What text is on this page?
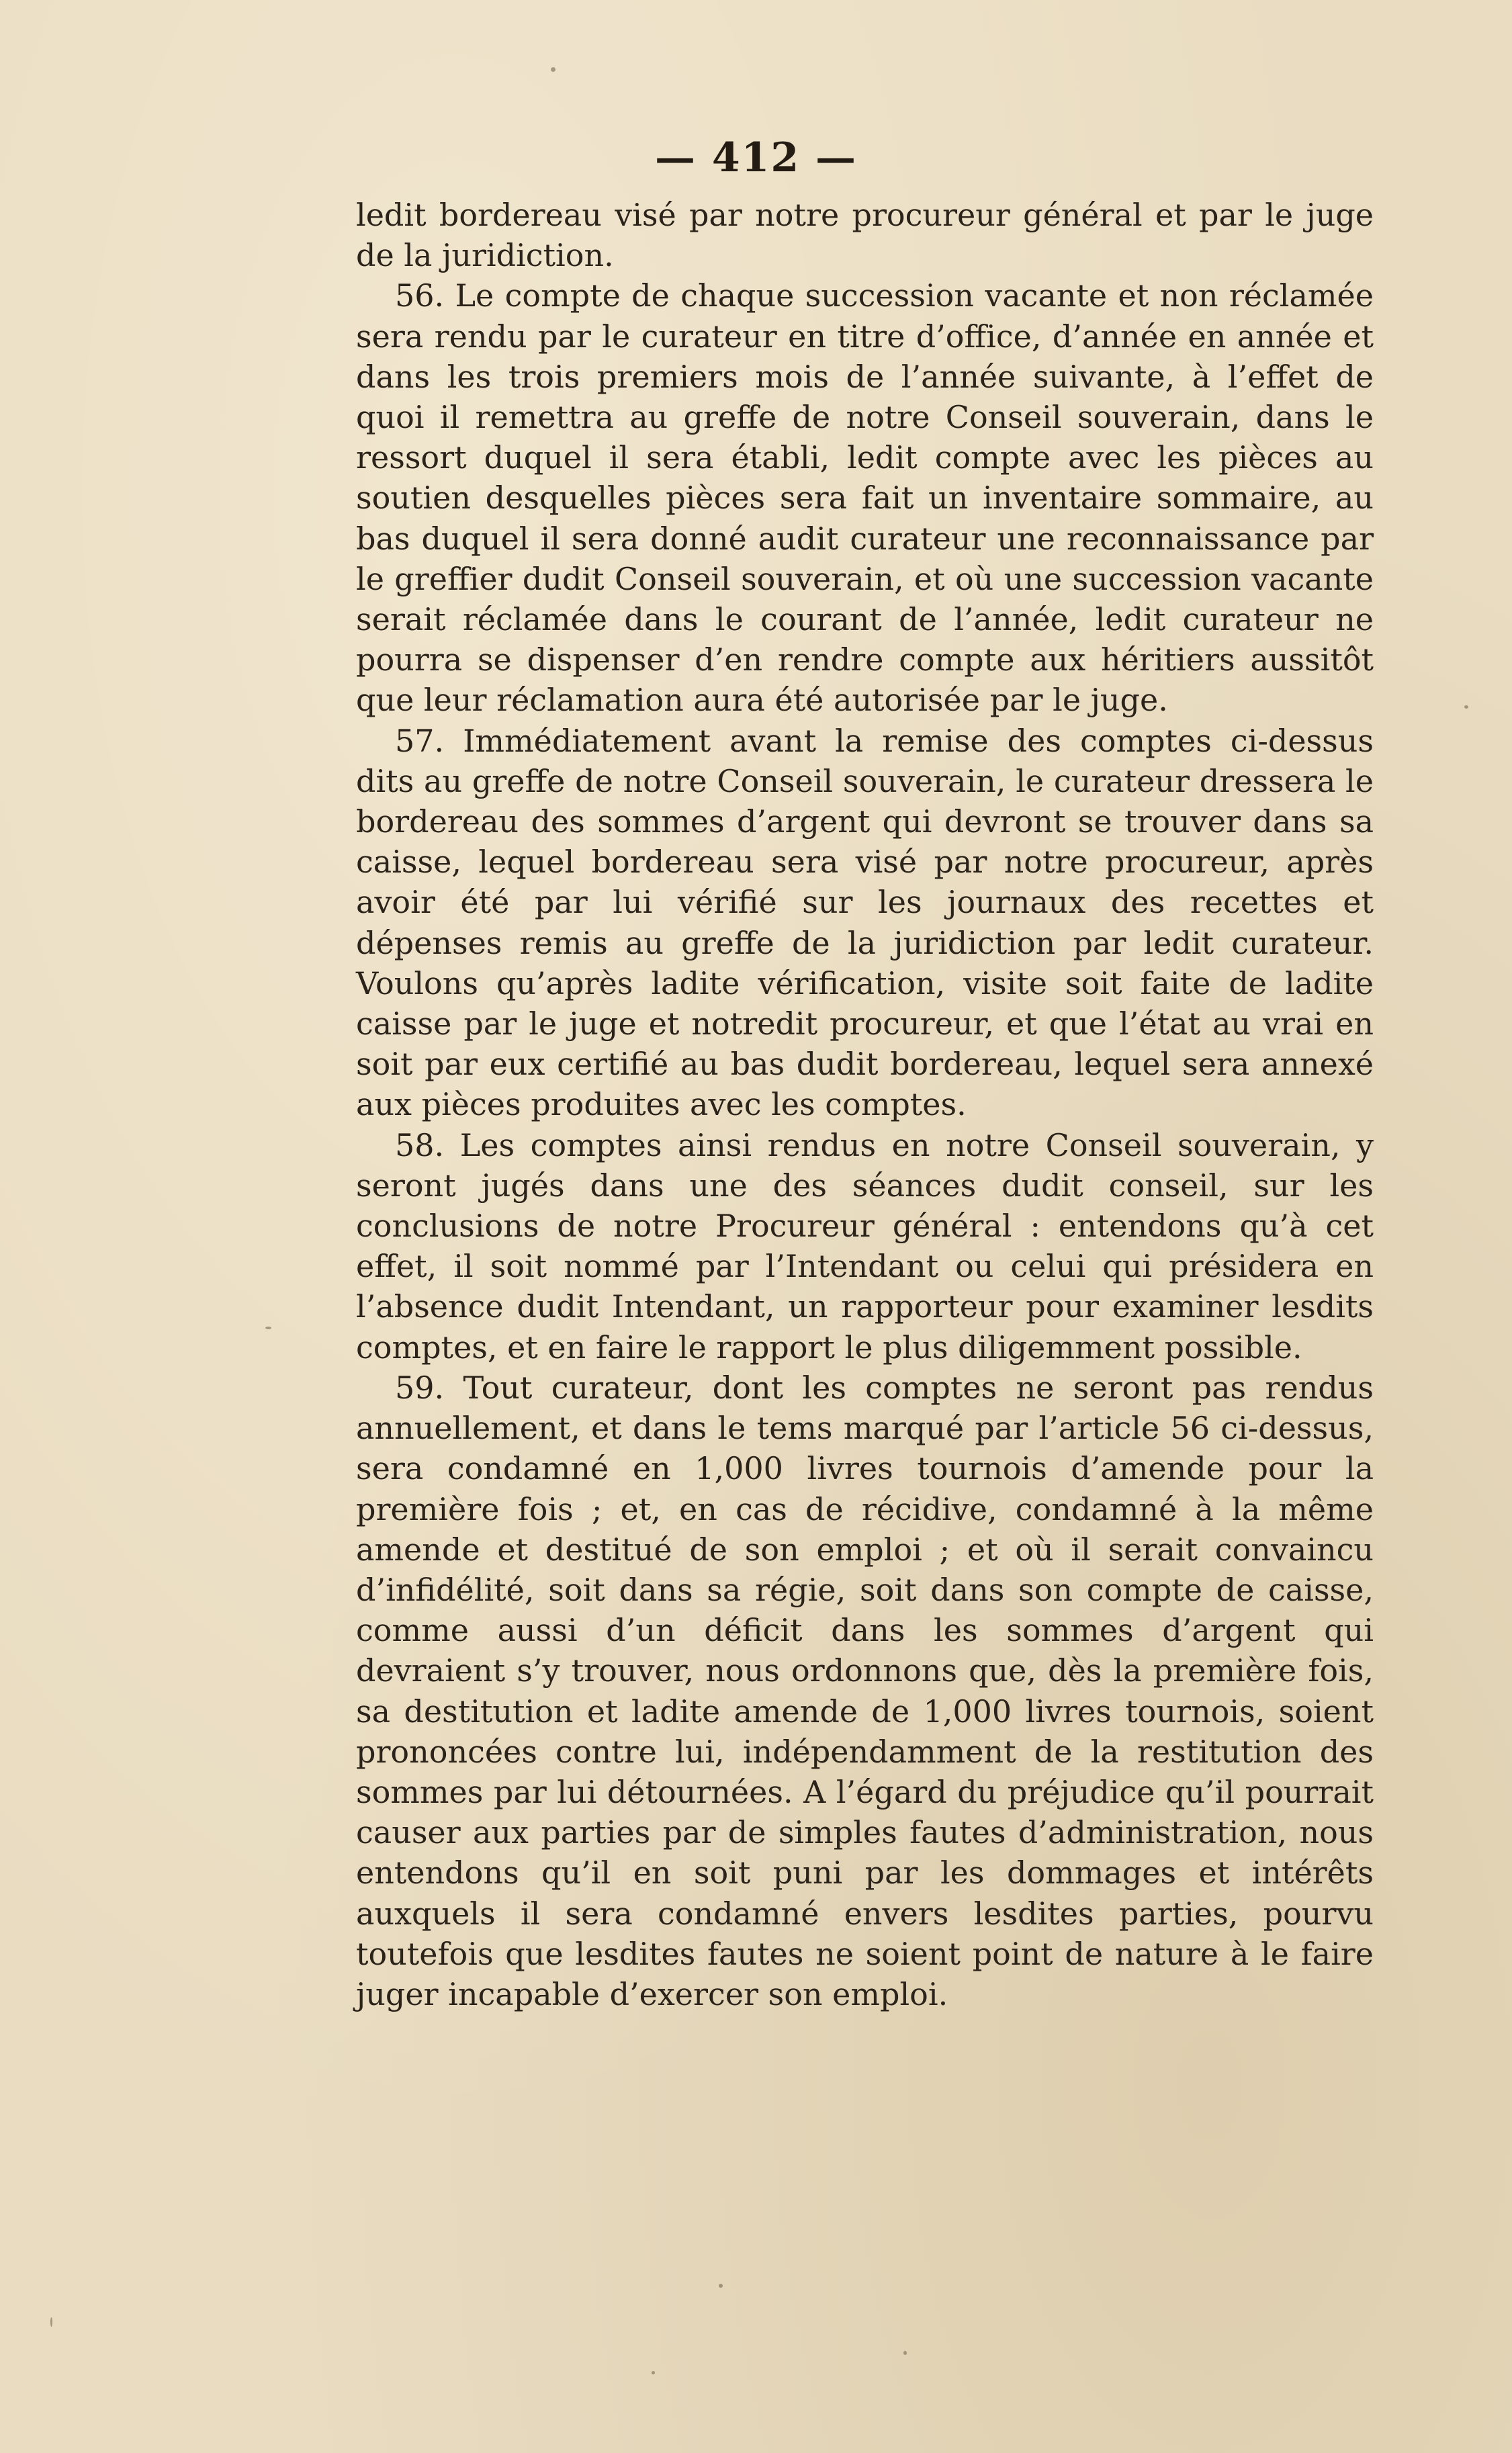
— 412 —

ledit bordereau visé par notre procureur général et par le juge de la juridiction.

56. Le compte de chaque succession vacante et non réclamée sera rendu par le curateur en titre d’office, d’année en année et dans les trois premiers mois de l’année suivante, à l’effet de quoi il remettra au greffe de notre Conseil souverain, dans le ressort duquel il sera établi, ledit compte avec les pièces au soutien desquelles pièces sera fait un inventaire sommaire, au bas duquel il sera donné audit curateur une reconnaissance par le greffier dudit Conseil souverain, et où une succession vacante serait réclamée dans le courant de l’année, ledit curateur ne pourra se dispenser d’en rendre compte aux héritiers aussitôt que leur réclamation aura été autorisée par le juge.

57. Immédiatement avant la remise des comptes ci-dessus dits au greffe de notre Conseil souverain, le curateur dressera le bordereau des sommes d’argent qui devront se trouver dans sa caisse, lequel bordereau sera visé par notre procureur, après avoir été par lui vérifié sur les journaux des recettes et dépenses remis au greffe de la juridiction par ledit curateur. Voulons qu’après ladite vérification, visite soit faite de ladite caisse par le juge et notredit procureur, et que l’état au vrai en soit par eux certifié au bas dudit bordereau, lequel sera annexé aux pièces produites avec les comptes.

58. Les comptes ainsi rendus en notre Conseil souverain, y seront jugés dans une des séances dudit conseil, sur les conclusions de notre Procureur général : entendons qu’à cet effet, il soit nommé par l’Intendant ou celui qui présidera en l’absence dudit Intendant, un rapporteur pour examiner lesdits comptes, et en faire le rapport le plus diligemment possible.

59. Tout curateur, dont les comptes ne seront pas rendus annuellement, et dans le tems marqué par l’article 56 ci-dessus, sera condamné en 1,000 livres tournois d’amende pour la première fois ; et, en cas de récidive, condamné à la même amende et destitué de son emploi ; et où il serait convaincu d’infidélité, soit dans sa régie, soit dans son compte de caisse, comme aussi d’un déficit dans les sommes d’argent qui devraient s’y trouver, nous ordonnons que, dès la première fois, sa destitution et ladite amende de 1,000 livres tournois, soient prononcées contre lui, indépendamment de la restitution des sommes par lui détournées. A l’égard du préjudice qu’il pourrait causer aux parties par de simples fautes d’administration, nous entendons qu’il en soit puni par les dommages et intérêts auxquels il sera condamné envers lesdites parties, pourvu toutefois que lesdites fautes ne soient point de nature à le faire juger incapable d’exercer son emploi.
